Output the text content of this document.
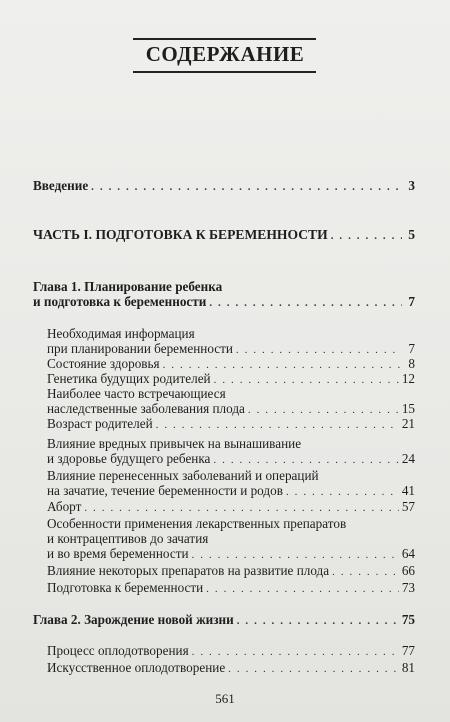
СОДЕРЖАНИЕ
Введение . . .	3
ЧАСТЬ I. ПОДГОТОВКА К БЕРЕМЕННОСТИ . . .	5
Глава 1. Планирование ребенка
и подготовка к беременности . . .	7
Необходимая информация
при планировании беременности . . .	7
Состояние здоровья . . .	8
Генетика будущих родителей . . .	12
Наиболее часто встречающиеся
наследственные заболевания плода . . .	15
Возраст родителей . . .	21
Влияние вредных привычек на вынашивание
и здоровье будущего ребенка . . .	24
Влияние перенесенных заболеваний и операций
на зачатие, течение беременности и родов . . .	41
Аборт . . .	57
Особенности применения лекарственных препаратов
и контрацептивов до зачатия
и во время беременности . . .	64
Влияние некоторых препаратов на развитие плода . . .	66
Подготовка к беременности . . .	73
Глава 2. Зарождение новой жизни . . .	75
Процесс оплодотворения . . .	77
Искусственное оплодотворение . . .	81
561
